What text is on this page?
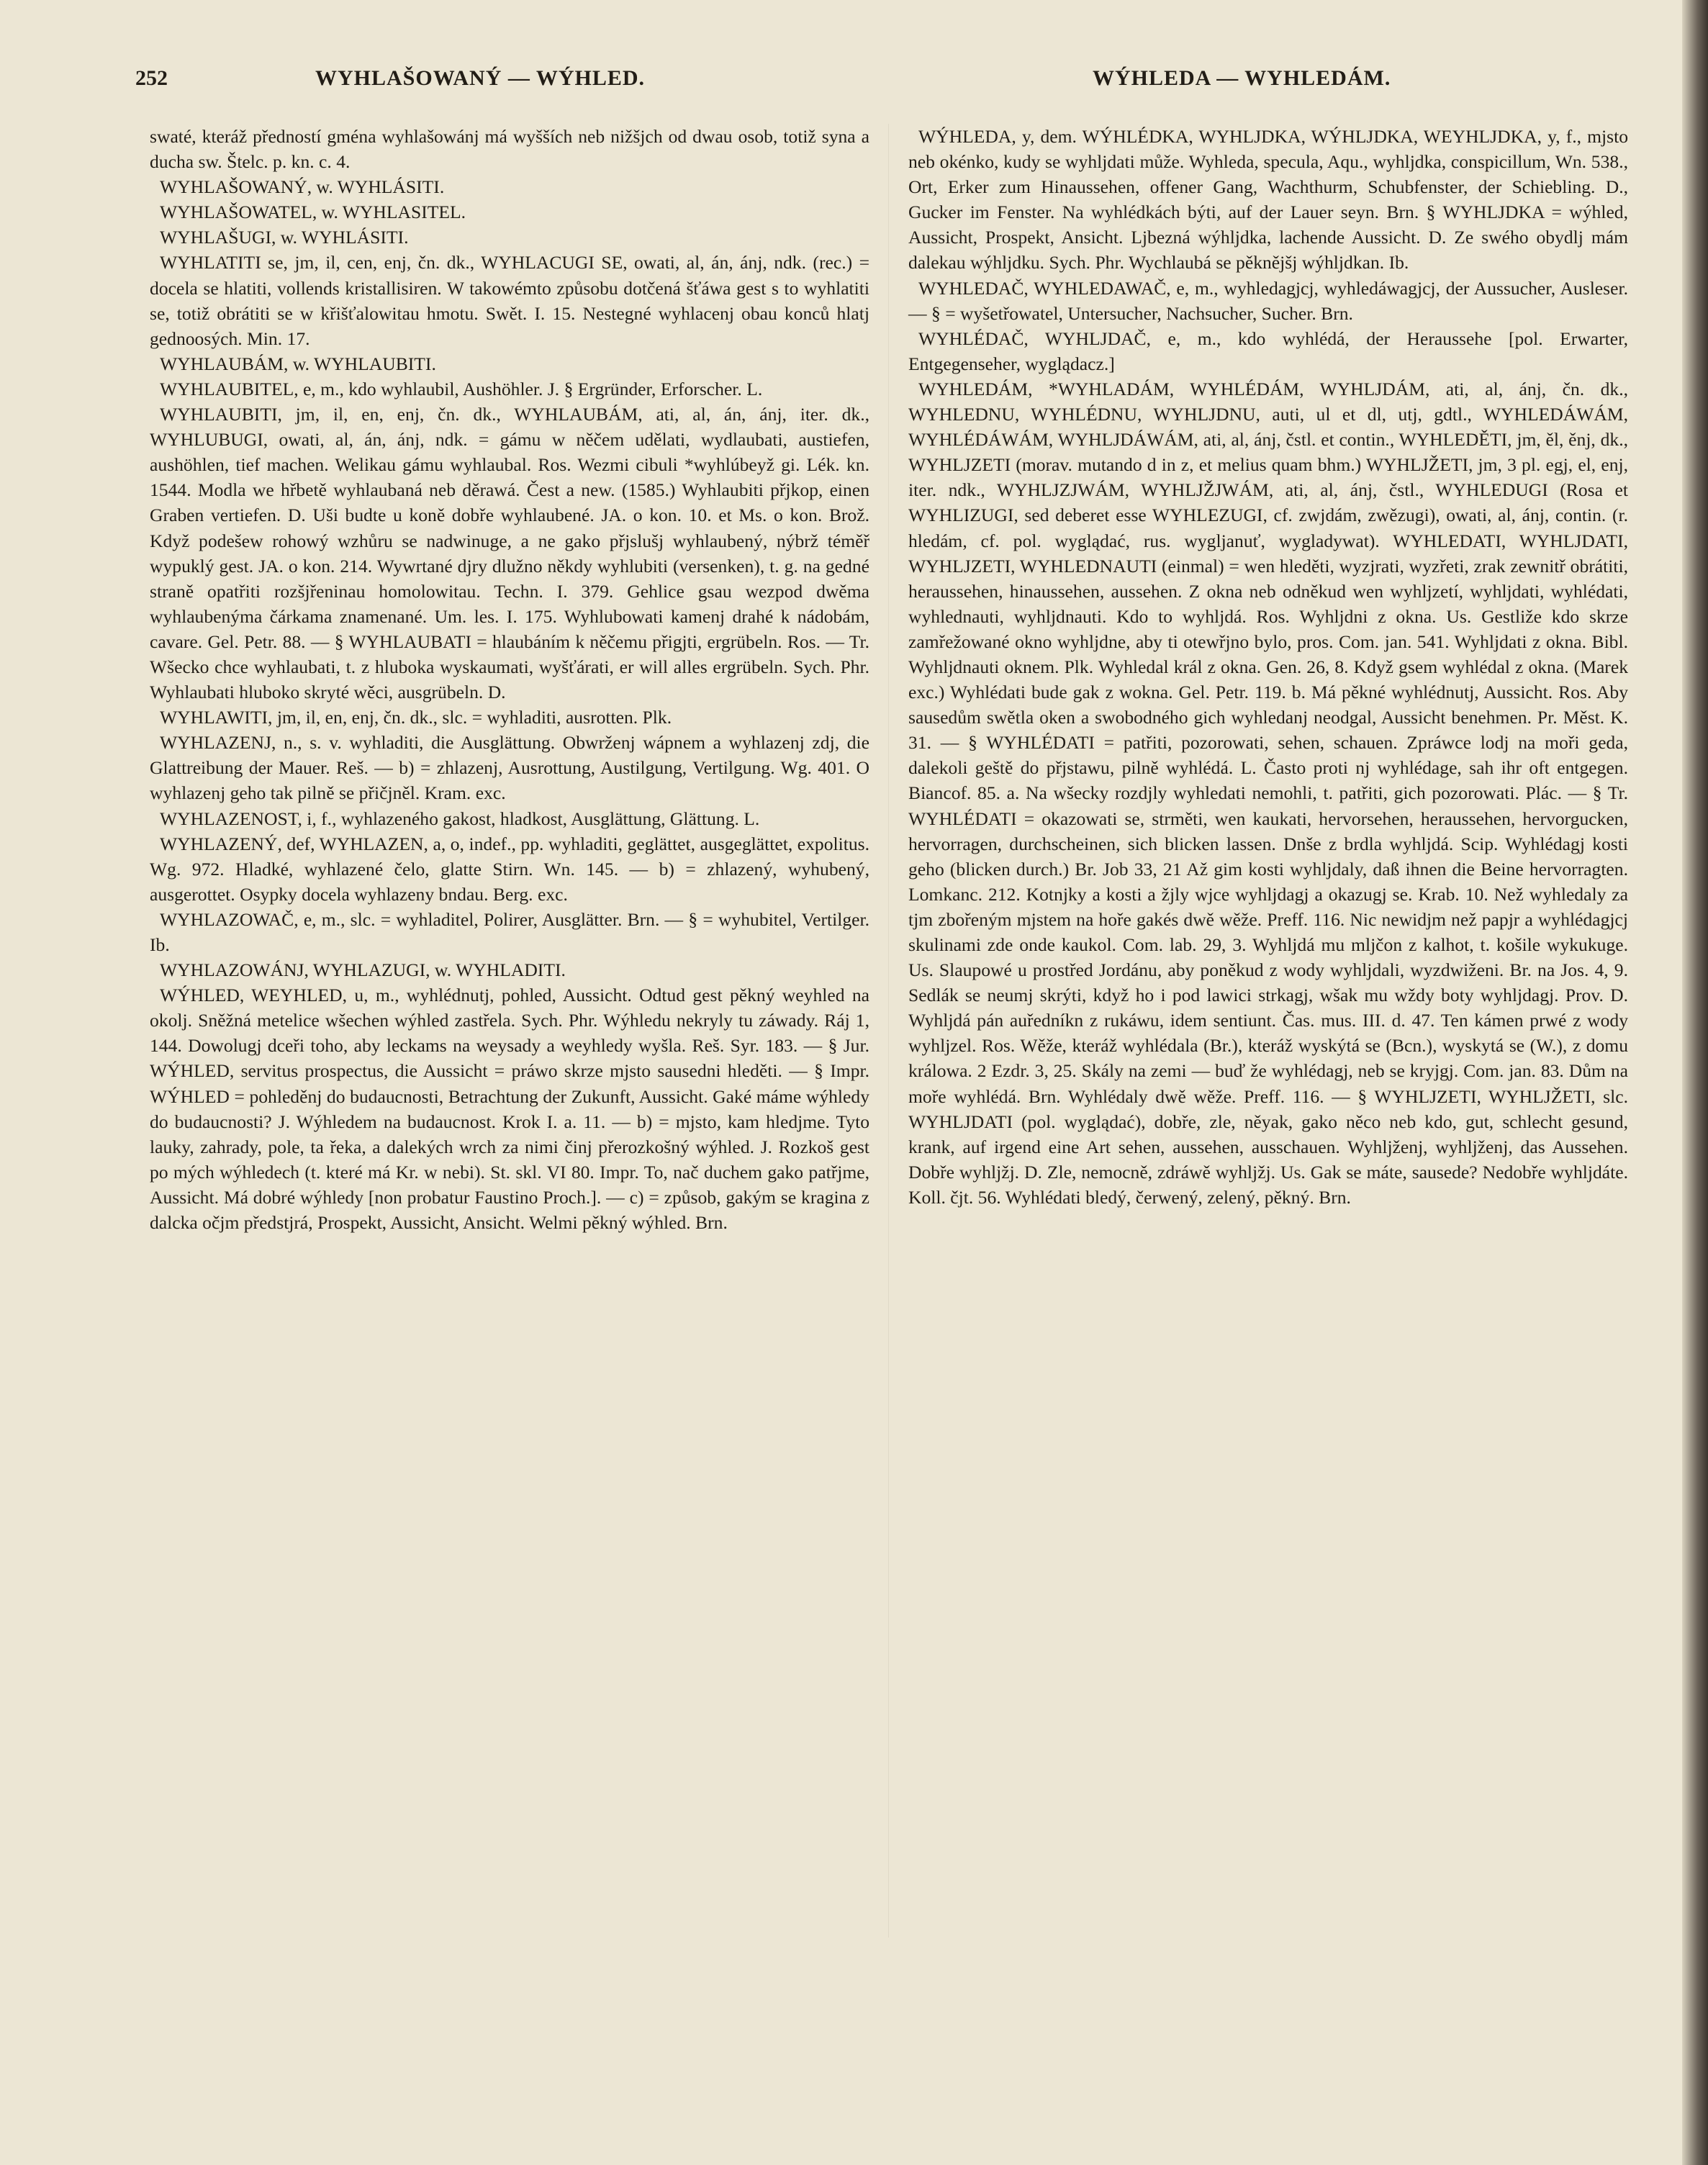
252	WYHLAŠOWANÝ — WÝHLED.	WÝHLEDA — WYHLEDÁM.

swaté, kteráž předností gména wyhlašowánj má wyšších neb nižšjch od dwau osob, totiž syna a ducha sw. Štelc. p. kn. c. 4.

WYHLAŠOWANÝ, w. WYHLÁSITI.

WYHLAŠOWATEL, w. WYHLASITEL.

WYHLAŠUGI, w. WYHLÁSITI.

WYHLATITI se, jm, il, cen, enj, čn. dk., WYHLACUGI SE, owati, al, án, ánj, ndk. (rec.) = docela se hlatiti, vollends kristallisiren. W takowémto způsobu dotčená šťáwa gest s to wyhlatiti se, totiž obrátiti se w křišťalowitau hmotu. Swět. I. 15. Nestegné wyhlacenj obau konců hlatj gednoosých. Min. 17.

WYHLAUBÁM, w. WYHLAUBITI.

WYHLAUBITEL, e, m., kdo wyhlaubil, Aushöhler. J. § Ergründer, Erforscher. L.

WYHLAUBITI, jm, il, en, enj, čn. dk., WYHLAUBÁM, ati, al, án, ánj, iter. dk., WYHLUBUGI, owati, al, án, ánj, ndk. = gámu w něčem udělati, wydlaubati, austiefen, aushöhlen, tief machen. Welikau gámu wyhlaubal. Ros. Wezmi cibuli *wyhlúbeyž gi. Lék. kn. 1544. Modla we hřbetě wyhlaubaná neb děrawá. Čest a new. (1585.) Wyhlaubiti přjkop, einen Graben vertiefen. D. Uši budte u koně dobře wyhlaubené. JA. o kon. 10. et Ms. o kon. Brož. Když podešew rohowý wzhůru se nadwinuge, a ne gako přjslušj wyhlaubený, nýbrž téměř wypuklý gest. JA. o kon. 214. Wywrtané djry dlužno někdy wyhlubiti (versenken), t. g. na gedné straně opatřiti rozšjřeninau homolowitau. Techn. I. 379. Gehlice gsau wezpod dwěma wyhlaubenýma čárkama znamenané. Um. les. I. 175. Wyhlubowati kamenj drahé k nádobám, cavare. Gel. Petr. 88. — § WYHLAUBATI = hlaubáním k něčemu přigjti, ergrübeln. Ros. — Tr. Wšecko chce wyhlaubati, t. z hluboka wyskaumati, wyšťárati, er will alles ergrübeln. Sych. Phr. Wyhlaubati hluboko skryté wěci, ausgrübeln. D.

WYHLAWITI, jm, il, en, enj, čn. dk., slc. = wyhladiti, ausrotten. Plk.

WYHLAZENJ, n., s. v. wyhladiti, die Ausglättung. Obwrženj wápnem a wyhlazenj zdj, die Glattreibung der Mauer. Reš. — b) = zhlazenj, Ausrottung, Austilgung, Vertilgung. Wg. 401. O wyhlazenj geho tak pilně se přičjněl. Kram. exc.

WYHLAZENOST, i, f., wyhlazeného gakost, hladkost, Ausglättung, Glättung. L.

WYHLAZENÝ, def, WYHLAZEN, a, o, indef., pp. wyhladiti, geglättet, ausgeglättet, expolitus. Wg. 972. Hladké, wyhlazené čelo, glatte Stirn. Wn. 145. — b) = zhlazený, wyhubený, ausgerottet. Osypky docela wyhlazeny bndau. Berg. exc.

WYHLAZOWAČ, e, m., slc. = wyhladitel, Polirer, Ausglätter. Brn. — § = wyhubitel, Vertilger. Ib.

WYHLAZOWÁNJ, WYHLAZUGI, w. WYHLADITI.

WÝHLED, WEYHLED, u, m., wyhlédnutj, pohled, Aussicht. Odtud gest pěkný weyhled na okolj. Sněžná metelice wšechen wýhled zastřela. Sych. Phr. Wýhledu nekryly tu záwady. Ráj 1, 144. Dowolugj dceři toho, aby leckams na weysady a weyhledy wyšla. Reš. Syr. 183. — § Jur. WÝHLED, servitus prospectus, die Aussicht = práwo skrze mjsto sausedni hleděti. — § Impr. WÝHLED = pohleděnj do budaucnosti, Betrachtung der Zukunft, Aussicht. Gaké máme wýhledy do budaucnosti? J. Wýhledem na budaucnost. Krok I. a. 11. — b) = mjsto, kam hledjme. Tyto lauky, zahrady, pole, ta řeka, a dalekých wrch za nimi činj přerozkošný wýhled. J. Rozkoš gest po mých wýhledech (t. které má Kr. w nebi). St. skl. VI 80. Impr. To, nač duchem gako patřjme, Aussicht. Má dobré wýhledy [non probatur Faustino Proch.]. — c) = způsob, gakým se kragina z dalcka očjm předstjrá, Prospekt, Aussicht, Ansicht. Welmi pěkný wýhled. Brn.

WÝHLEDA, y, dem. WÝHLÉDKA, WYHLJDKA, WÝHLJDKA, WEYHLJDKA, y, f., mjsto neb okénko, kudy se wyhljdati může. Wyhleda, specula, Aqu., wyhljdka, conspicillum, Wn. 538., Ort, Erker zum Hinaussehen, offener Gang, Wachthurm, Schubfenster, der Schiebling. D., Gucker im Fenster. Na wyhlédkách býti, auf der Lauer seyn. Brn. § WYHLJDKA = wýhled, Aussicht, Prospekt, Ansicht. Ljbezná wýhljdka, lachende Aussicht. D. Ze swého obydlj mám dalekau wýhljdku. Sych. Phr. Wychlaubá se pěknějšj wýhljdkan. Ib.

WYHLEDAČ, WYHLEDAWAČ, e, m., wyhledagjcj, wyhledáwagjcj, der Aussucher, Ausleser. — § = wyšetřowatel, Untersucher, Nachsucher, Sucher. Brn.

WYHLÉDAČ, WYHLJDAČ, e, m., kdo wyhlédá, der Heraussehe [pol. Erwarter, Entgegenseher, wyglądacz.]

WYHLEDÁM, *WYHLADÁM, WYHLÉDÁM, WYHLJDÁM, ati, al, ánj, čn. dk., WYHLEDNU, WYHLÉDNU, WYHLJDNU, auti, ul et dl, utj, gdtl., WYHLEDÁWÁM, WYHLÉDÁWÁM, WYHLJDÁWÁM, ati, al, ánj, čstl. et contin., WYHLEDĚTI, jm, ěl, ěnj, dk., WYHLJZETI (morav. mutando d in z, et melius quam bhm.) WYHLJŽETI, jm, 3 pl. egj, el, enj, iter. ndk., WYHLJZJWÁM, WYHLJŽJWÁM, ati, al, ánj, čstl., WYHLEDUGI (Rosa et WYHLIZUGI, sed deberet esse WYHLEZUGI, cf. zwjdám, zwězugi), owati, al, ánj, contin. (r. hledám, cf. pol. wyglądać, rus. wygljanuť, wygladywat). WYHLEDATI, WYHLJDATI, WYHLJZETI, WYHLEDNAUTI (einmal) = wen hleděti, wyzjrati, wyzřeti, zrak zewnitř obrátiti, heraussehen, hinaussehen, aussehen. Z okna neb odněkud wen wyhljzetí, wyhljdati, wyhlédati, wyhlednauti, wyhljdnauti. Kdo to wyhljdá. Ros. Wyhljdni z okna. Us. Gestliže kdo skrze zamřežowané okno wyhljdne, aby ti otewřjno bylo, pros. Com. jan. 541. Wyhljdati z okna. Bibl. Wyhljdnauti oknem. Plk. Wyhledal král z okna. Gen. 26, 8. Když gsem wyhlédal z okna. (Marek exc.) Wyhlédati bude gak z wokna. Gel. Petr. 119. b. Má pěkné wyhlédnutj, Aussicht. Ros. Aby sausedům swětla oken a swobodného gich wyhledanj neodgal, Aussicht benehmen. Pr. Měst. K. 31. — § WYHLÉDATI = patřiti, pozorowati, sehen, schauen. Zpráwce lodj na moři geda, dalekoli geště do přjstawu, pilně wyhlédá. L. Často proti nj wyhlédage, sah ihr oft entgegen. Biancof. 85. a. Na wšecky rozdjly wyhledati nemohli, t. patřiti, gich pozorowati. Plác. — § Tr. WYHLÉDATI = okazowati se, strměti, wen kaukati, hervorsehen, heraussehen, hervorgucken, hervorragen, durchscheinen, sich blicken lassen. Dnše z brdla wyhljdá. Scip. Wyhlédagj kosti geho (blicken durch.) Br. Job 33, 21 Až gim kosti wyhljdaly, daß ihnen die Beine hervorragten. Lomkanc. 212. Kotnjky a kosti a žjly wjce wyhljdagj a okazugj se. Krab. 10. Než wyhledaly za tjm zbořeným mjstem na hoře gakés dwě wěže. Preff. 116. Nic newidjm než papjr a wyhlédagjcj skulinami zde onde kaukol. Com. lab. 29, 3. Wyhljdá mu mljčon z kalhot, t. košile wykukuge. Us. Slaupowé u prostřed Jordánu, aby poněkud z wody wyhljdali, wyzdwiženi. Br. na Jos. 4, 9. Sedlák se neumj skrýti, když ho i pod lawici strkagj, wšak mu wždy boty wyhljdagj. Prov. D. Wyhljdá pán auředníkn z rukáwu, idem sentiunt. Čas. mus. III. d. 47. Ten kámen prwé z wody wyhljzel. Ros. Wěže, kteráž wyhlédala (Br.), kteráž wyskýtá se (Bcn.), wyskytá se (W.), z domu králowa. 2 Ezdr. 3, 25. Skály na zemi — buď že wyhlédagj, neb se kryjgj. Com. jan. 83. Dům na moře wyhlédá. Brn. Wyhlédaly dwě wěže. Preff. 116. — § WYHLJZETI, WYHLJŽETI, slc. WYHLJDATI (pol. wyglądać), dobře, zle, něyak, gako něco neb kdo, gut, schlecht gesund, krank, auf irgend eine Art sehen, aussehen, ausschauen. Wyhljženj, wyhljženj, das Aussehen. Dobře wyhljžj. D. Zle, nemocně, zdráwě wyhljžj. Us. Gak se máte, sausede? Nedobře wyhljdáte. Koll. čjt. 56. Wyhlédati bledý, čerwený, zelený, pěkný. Brn.
